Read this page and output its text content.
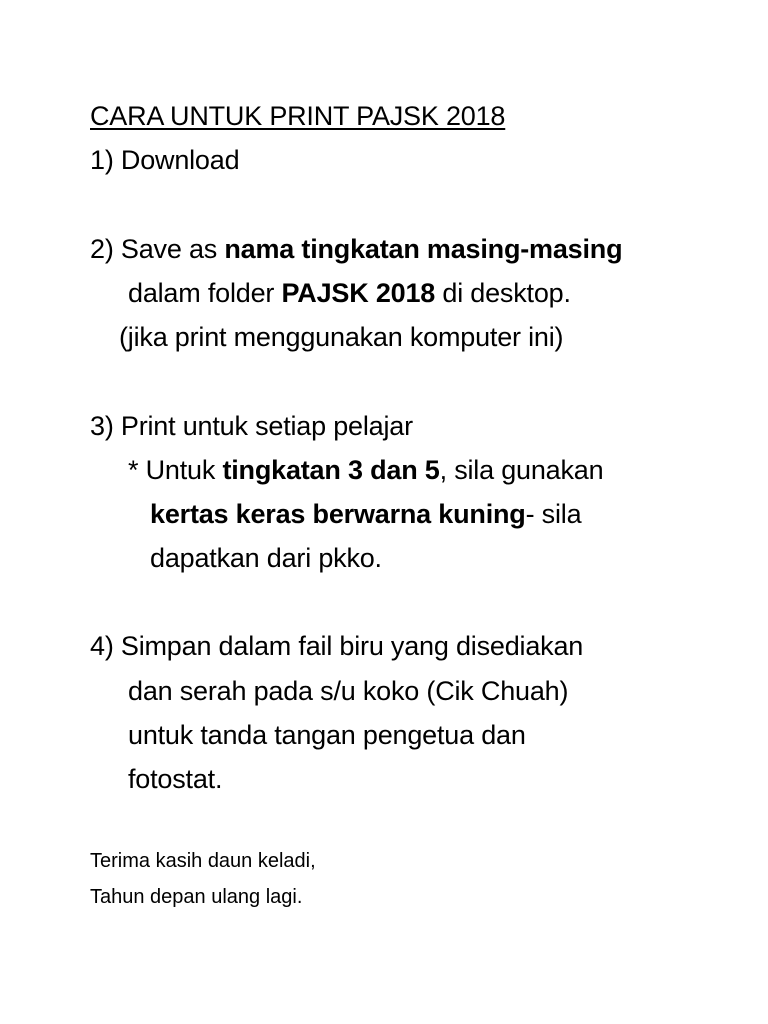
CARA UNTUK PRINT PAJSK 2018
1) Download
2) Save as nama tingkatan masing-masing
dalam folder PAJSK 2018 di desktop.
(jika print menggunakan komputer ini)
3) Print untuk setiap pelajar
* Untuk tingkatan 3 dan 5, sila gunakan
kertas keras berwarna kuning- sila
dapatkan dari pkko.
4) Simpan dalam fail biru yang disediakan
dan serah pada s/u koko (Cik Chuah)
untuk tanda tangan pengetua dan
fotostat.
Terima kasih daun keladi,
Tahun depan ulang lagi.
